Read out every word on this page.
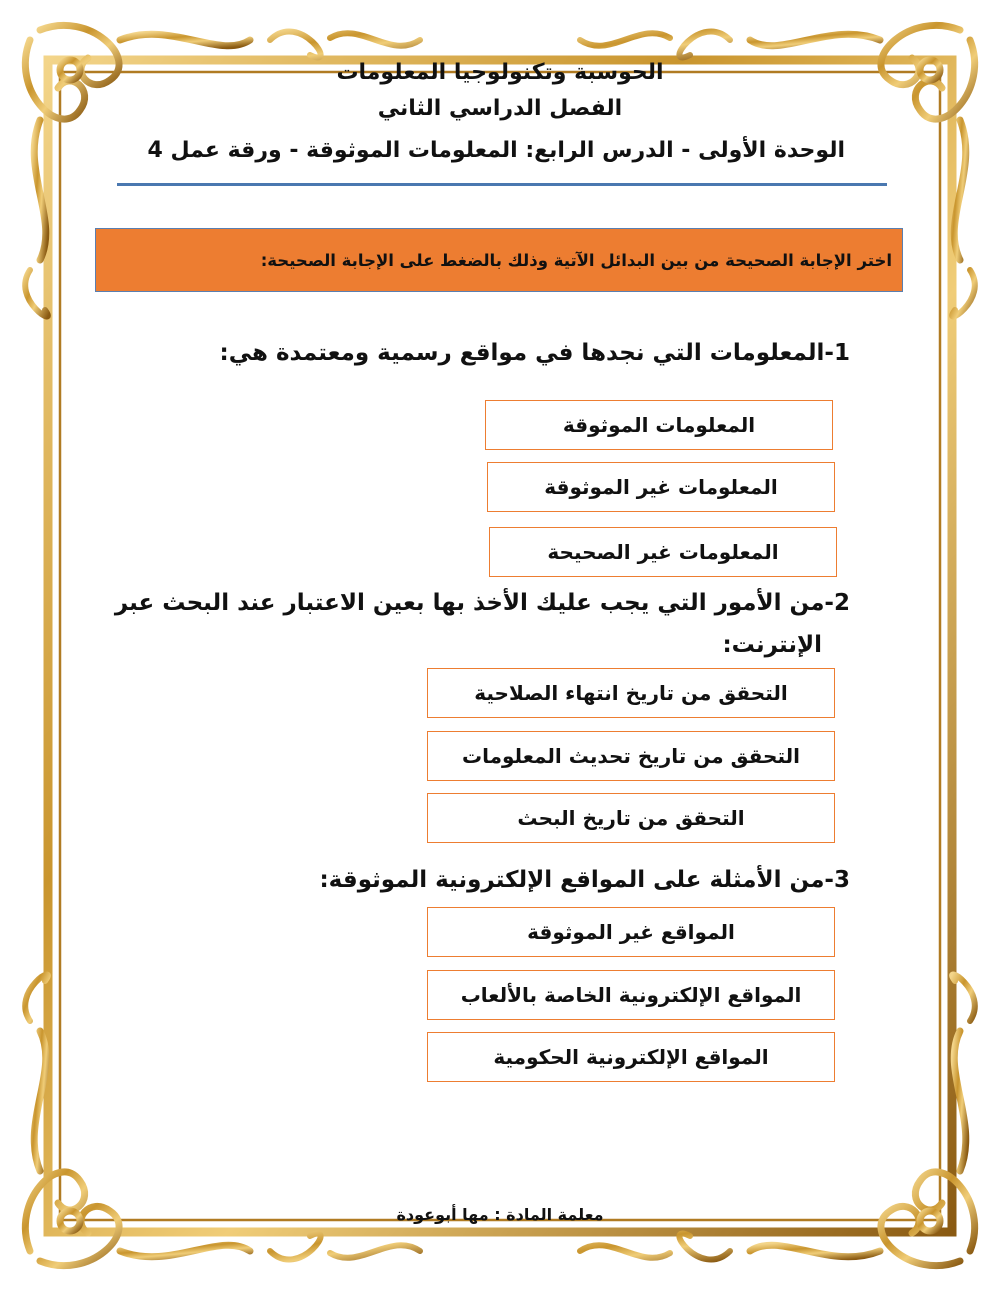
الحوسبة وتكنولوجيا المعلومات
الفصل الدراسي الثاني
الوحدة الأولى - الدرس الرابع: المعلومات الموثوقة - ورقة عمل 4
اختر الإجابة الصحيحة من بين البدائل الآتية وذلك بالضغط على الإجابة الصحيحة:
1-المعلومات التي نجدها في مواقع رسمية ومعتمدة هي:
المعلومات الموثوقة
المعلومات غير الموثوقة
المعلومات غير الصحيحة
2-من الأمور التي يجب عليك الأخذ بها بعين الاعتبار عند البحث عبر
الإنترنت:
التحقق من تاريخ انتهاء الصلاحية
التحقق من تاريخ تحديث المعلومات
التحقق من تاريخ البحث
3-من الأمثلة على المواقع الإلكترونية الموثوقة:
المواقع غير الموثوقة
المواقع الإلكترونية الخاصة بالألعاب
المواقع الإلكترونية الحكومية
معلمة المادة : مها أبوعودة
